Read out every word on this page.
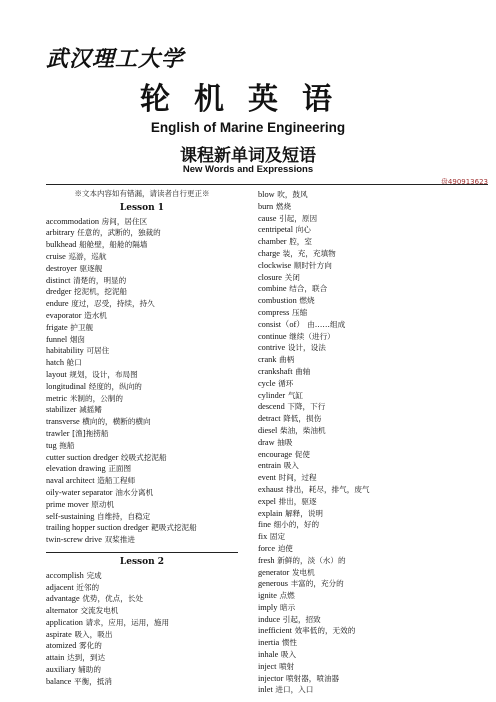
武汉理工大学
轮机英语
English of Marine Engineering
课程新单词及短语
New Words and Expressions
盘490913623
※文本内容如有错漏，请读者自行更正※
Lesson 1
accommodation 房间，居住区
arbitrary 任意的，武断的，独裁的
bulkhead 船舱壁，船舱的隔墙
cruise 巡游，巡航
destroyer 驱逐舰
distinct 清楚的，明显的
dredger 挖泥机，挖泥船
endure 度过，忍受，持续，持久
evaporator 造水机
frigate 护卫舰
funnel 烟囱
habitability 可居住
hatch 舱口
layout 规划，设计，布局图
longitudinal 经度的，纵向的
metric 米制的，公制的
stabilizer 减摇鳍
transverse 横向的，横断的横向
trawler [渔]拖捞船
tug 拖船
cutter suction dredger 绞吸式挖泥船
elevation drawing 正面图
naval architect 造船工程师
oily-water separator 油水分离机
prime mover 原动机
self-sustaining 自维持，自稳定
trailing hopper suction dredger 耙吸式挖泥船
twin-screw drive 双桨推进
Lesson 2
accomplish 完成
adjacent 近邻的
advantage 优势，优点，长处
alternator 交流发电机
application 请求，应用，运用，施用
aspirate 吸入，吸出
atomized 雾化的
attain 达到，到达
auxiliary 辅助的
balance 平衡，抵消
blow 吹，鼓风
burn 燃烧
cause 引起，原因
centripetal 向心
chamber 腔，室
charge 装，充，充填物
clockwise 顺时针方向
closure 关闭
combine 结合，联合
combustion 燃烧
compress 压缩
consist（of） 由……组成
continue 继续（进行）
contrive 设计，设法
crank 曲柄
crankshaft 曲轴
cycle 循环
cylinder 气缸
descend 下降，下行
detract 降低，损伤
diesel 柴油，柴油机
draw 抽吸
encourage 促使
entrain 吸入
event 时间，过程
exhaust 排出，耗尽，排气，废气
expel 排出，驱逐
explain 解释，说明
fine 细小的，好的
fix 固定
force 迫使
fresh 新鲜的，淡（水）的
generator 发电机
generous 丰富的，充分的
ignite 点燃
imply 暗示
induce 引起，招致
inefficient 效率低的，无效的
inertia 惯性
inhale 吸入
inject 喷射
injector 喷射器，喷油器
inlet 进口，入口
